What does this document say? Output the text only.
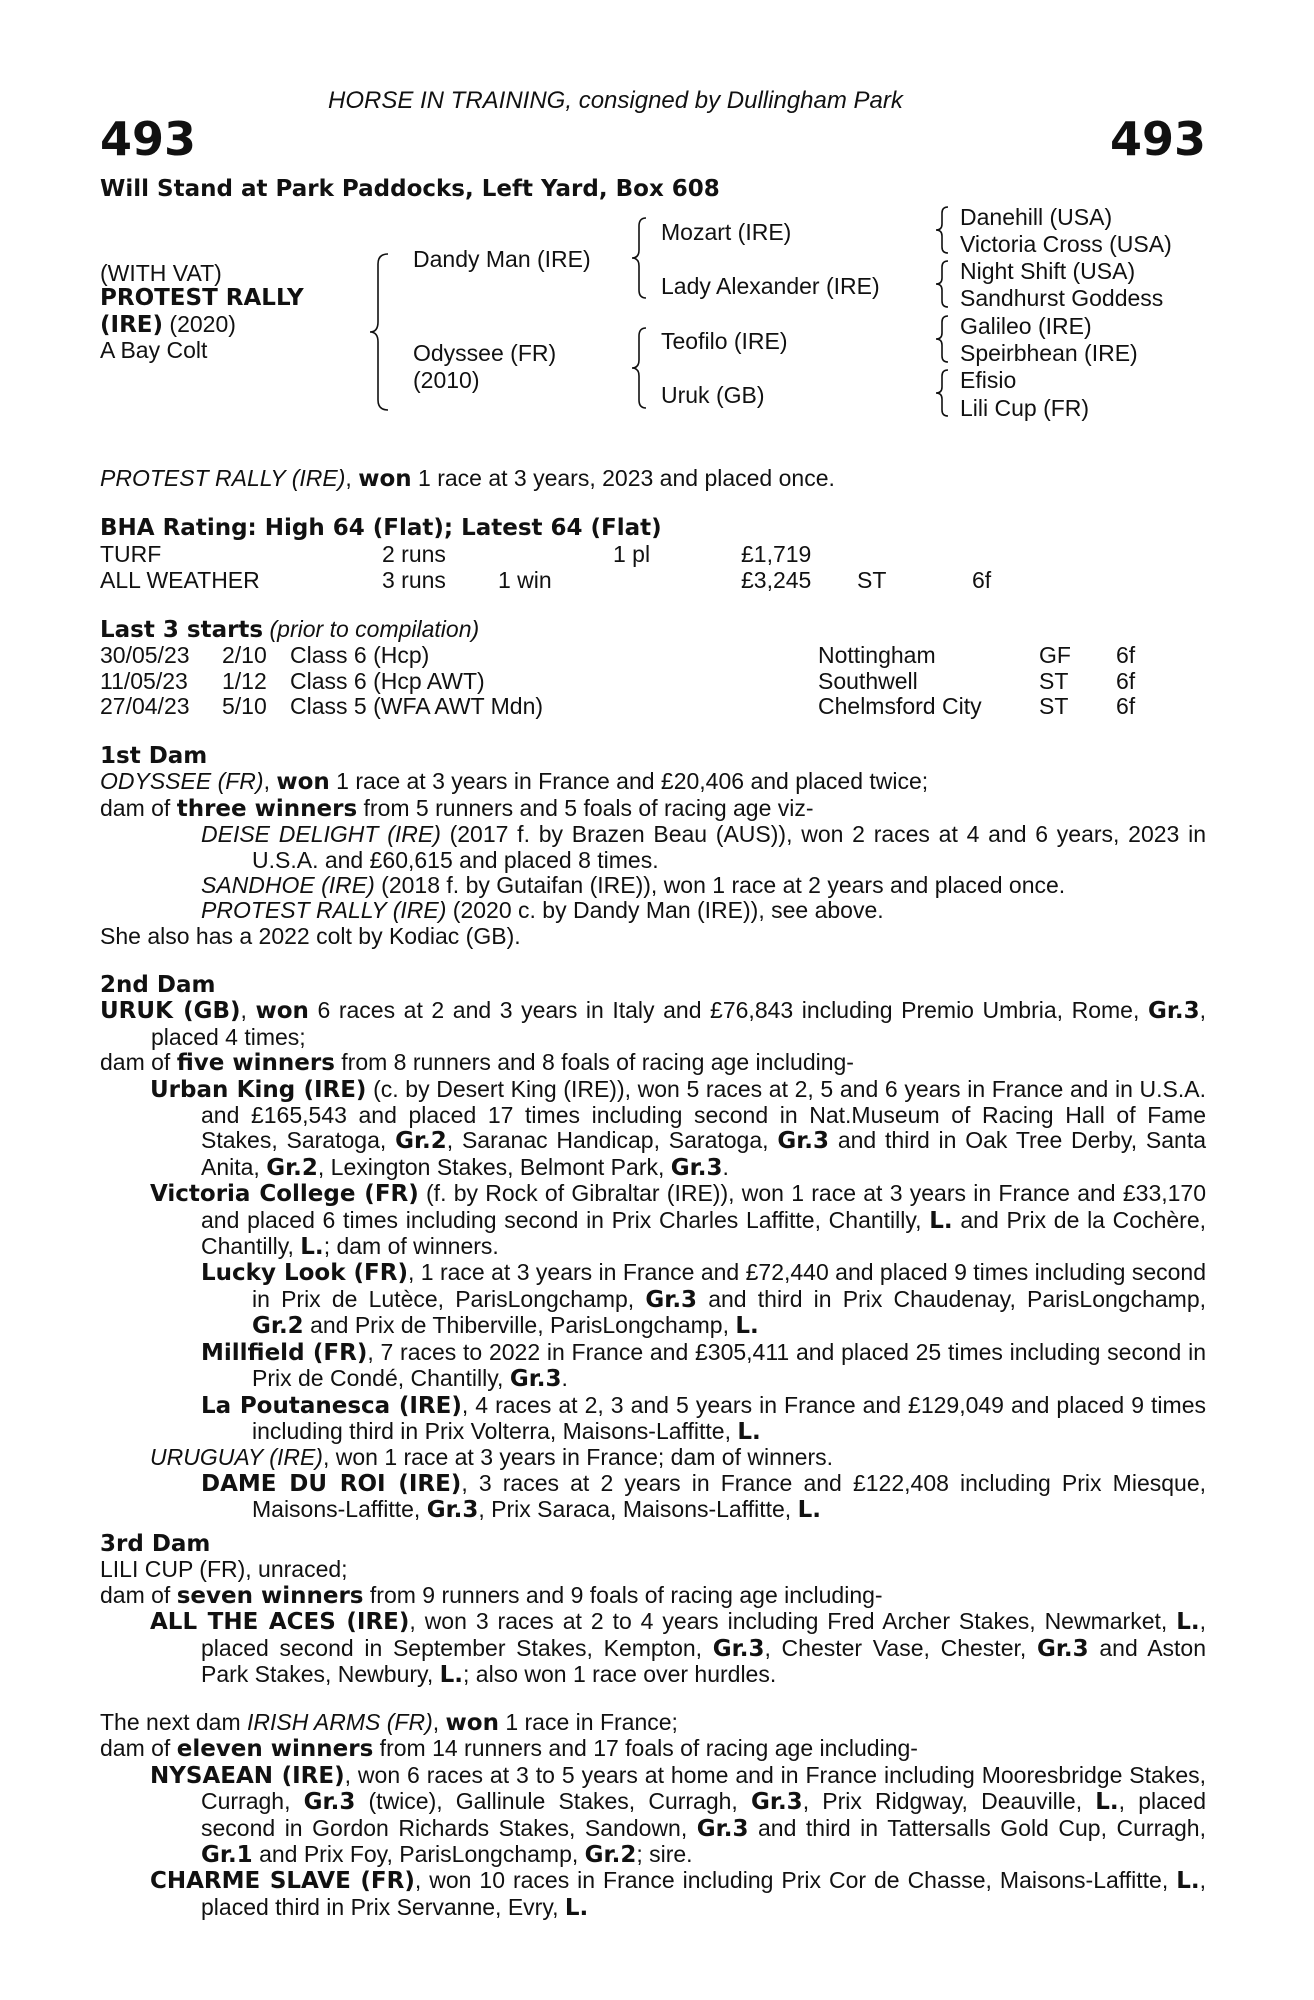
HORSE IN TRAINING, consigned by Dullingham Park
493	493
Will Stand at Park Paddocks, Left Yard, Box 608
(WITH VAT)
PROTEST RALLY
(IRE) (2020)
A Bay Colt
Dandy Man (IRE)
Odyssee (FR)
(2010)
Mozart (IRE)
Lady Alexander (IRE)
Teofilo (IRE)
Uruk (GB)
Danehill (USA)
Victoria Cross (USA)
Night Shift (USA)
Sandhurst Goddess
Galileo (IRE)
Speirbhean (IRE)
Efisio
Lili Cup (FR)
PROTEST RALLY (IRE), won 1 race at 3 years, 2023 and placed once.
BHA Rating: High 64 (Flat); Latest 64 (Flat)
TURF	2 runs	1 pl	£1,719
ALL WEATHER	3 runs 1 win	£3,245 ST	6f
Last 3 starts (prior to compilation)
30/05/23 2/10 Class 6 (Hcp)	Nottingham	GF 6f
11/05/23 1/12 Class 6 (Hcp AWT)	Southwell	ST 6f
27/04/23 5/10 Class 5 (WFA AWT Mdn)	Chelmsford City ST 6f

1st Dam

ODYSSEE (FR), won 1 race at 3 years in France and £20,406 and placed twice;

dam of three winners from 5 runners and 5 foals of racing age viz-

DEISE DELIGHT (IRE) (2017 f. by Brazen Beau (AUS)), won 2 races at 4 and 6 years, 2023 in U.S.A. and £60,615 and placed 8 times.

SANDHOE (IRE) (2018 f. by Gutaifan (IRE)), won 1 race at 2 years and placed once.

PROTEST RALLY (IRE) (2020 c. by Dandy Man (IRE)), see above.

She also has a 2022 colt by Kodiac (GB).

2nd Dam

URUK (GB), won 6 races at 2 and 3 years in Italy and £76,843 including Premio Umbria, Rome, Gr.3, placed 4 times;

dam of five winners from 8 runners and 8 foals of racing age including-

Urban King (IRE) (c. by Desert King (IRE)), won 5 races at 2, 5 and 6 years in France and in U.S.A. and £165,543 and placed 17 times including second in Nat.Museum of Racing Hall of Fame Stakes, Saratoga, Gr.2, Saranac Handicap, Saratoga, Gr.3 and third in Oak Tree Derby, Santa Anita, Gr.2, Lexington Stakes, Belmont Park, Gr.3.

Victoria College (FR) (f. by Rock of Gibraltar (IRE)), won 1 race at 3 years in France and £33,170 and placed 6 times including second in Prix Charles Laffitte, Chantilly, L. and Prix de la Cochère, Chantilly, L.; dam of winners.

Lucky Look (FR), 1 race at 3 years in France and £72,440 and placed 9 times including second in Prix de Lutèce, ParisLongchamp, Gr.3 and third in Prix Chaudenay, ParisLongchamp, Gr.2 and Prix de Thiberville, ParisLongchamp, L.

Millfield (FR), 7 races to 2022 in France and £305,411 and placed 25 times including second in Prix de Condé, Chantilly, Gr.3.

La Poutanesca (IRE), 4 races at 2, 3 and 5 years in France and £129,049 and placed 9 times including third in Prix Volterra, Maisons-Laffitte, L.

URUGUAY (IRE), won 1 race at 3 years in France; dam of winners.

DAME DU ROI (IRE), 3 races at 2 years in France and £122,408 including Prix Miesque, Maisons-Laffitte, Gr.3, Prix Saraca, Maisons-Laffitte, L.

3rd Dam

LILI CUP (FR), unraced;

dam of seven winners from 9 runners and 9 foals of racing age including-

ALL THE ACES (IRE), won 3 races at 2 to 4 years including Fred Archer Stakes, Newmarket, L., placed second in September Stakes, Kempton, Gr.3, Chester Vase, Chester, Gr.3 and Aston Park Stakes, Newbury, L.; also won 1 race over hurdles.

The next dam IRISH ARMS (FR), won 1 race in France;

dam of eleven winners from 14 runners and 17 foals of racing age including-

NYSAEAN (IRE), won 6 races at 3 to 5 years at home and in France including Mooresbridge Stakes, Curragh, Gr.3 (twice), Gallinule Stakes, Curragh, Gr.3, Prix Ridgway, Deauville, L., placed second in Gordon Richards Stakes, Sandown, Gr.3 and third in Tattersalls Gold Cup, Curragh, Gr.1 and Prix Foy, ParisLongchamp, Gr.2; sire.

CHARME SLAVE (FR), won 10 races in France including Prix Cor de Chasse, Maisons-Laffitte, L., placed third in Prix Servanne, Evry, L.
